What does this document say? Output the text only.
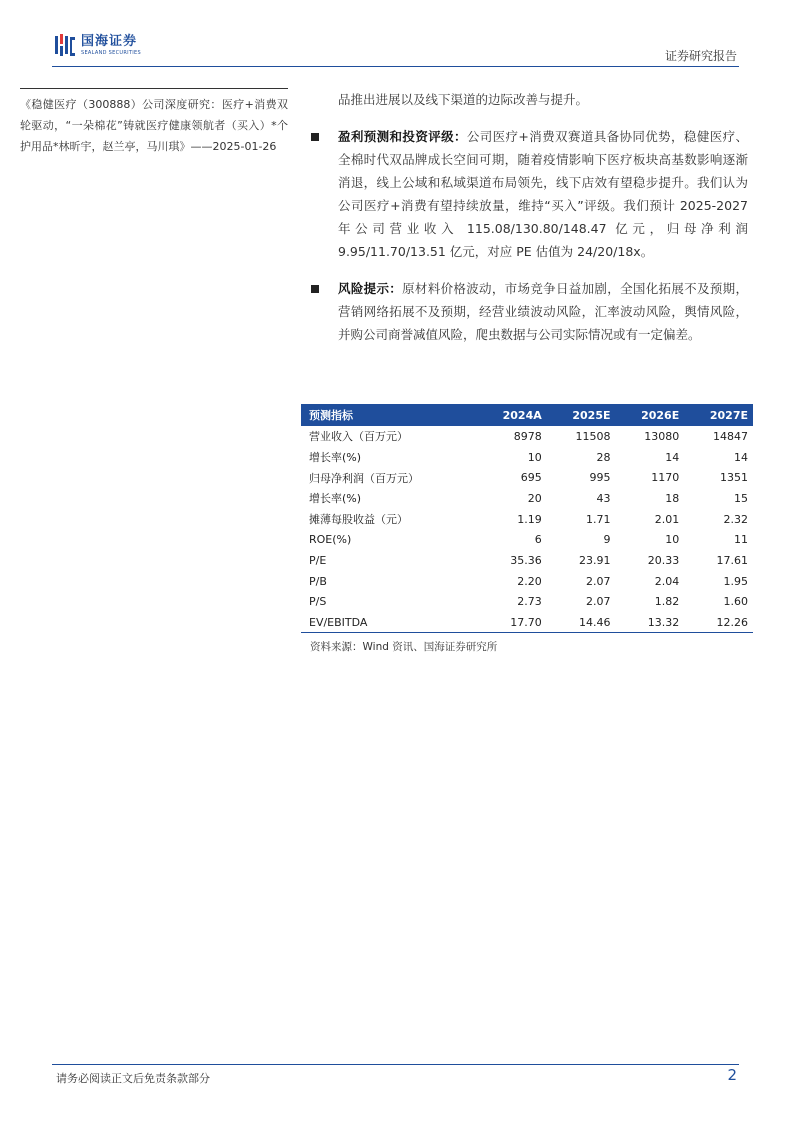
国海证券
SEALAND SECURITIES	证券研究报告

《稳健医疗（300888）公司深度研究：医疗+消费双轮驱动，“一朵棉花”铸就医疗健康领航者（买入）*个护用品*林昕宇，赵兰亭，马川琪》——2025-01-26

品推出进展以及线下渠道的边际改善与提升。

盈利预测和投资评级：公司医疗+消费双赛道具备协同优势，稳健医疗、全棉时代双品牌成长空间可期，随着疫情影响下医疗板块高基数影响逐渐消退，线上公域和私域渠道布局领先，线下店效有望稳步提升。我们认为公司医疗+消费有望持续放量，维持“买入”评级。我们预计 2025-2027 年公司营业收入 115.08/130.80/148.47 亿元，归母净利润 9.95/11.70/13.51 亿元，对应 PE 估值为 24/20/18x。
风险提示：原材料价格波动，市场竞争日益加剧，全国化拓展不及预期，营销网络拓展不及预期，经营业绩波动风险，汇率波动风险，舆情风险，并购公司商誉减值风险，爬虫数据与公司实际情况或有一定偏差。
预测指标	2024A	2025E	2026E	2027E
营业收入（百万元）	8978	11508	13080	14847
增长率(%)	10	28	14	14
归母净利润（百万元）	695	995	1170	1351
增长率(%)	20	43	18	15
摊薄每股收益（元）	1.19	1.71	2.01	2.32
ROE(%)	6	9	10	11
P/E	35.36	23.91	20.33	17.61
P/B	2.20	2.07	2.04	1.95
P/S	2.73	2.07	1.82	1.60
EV/EBITDA	17.70	14.46	13.32	12.26
资料来源：Wind 资讯、国海证券研究所
请务必阅读正文后免责条款部分	2
